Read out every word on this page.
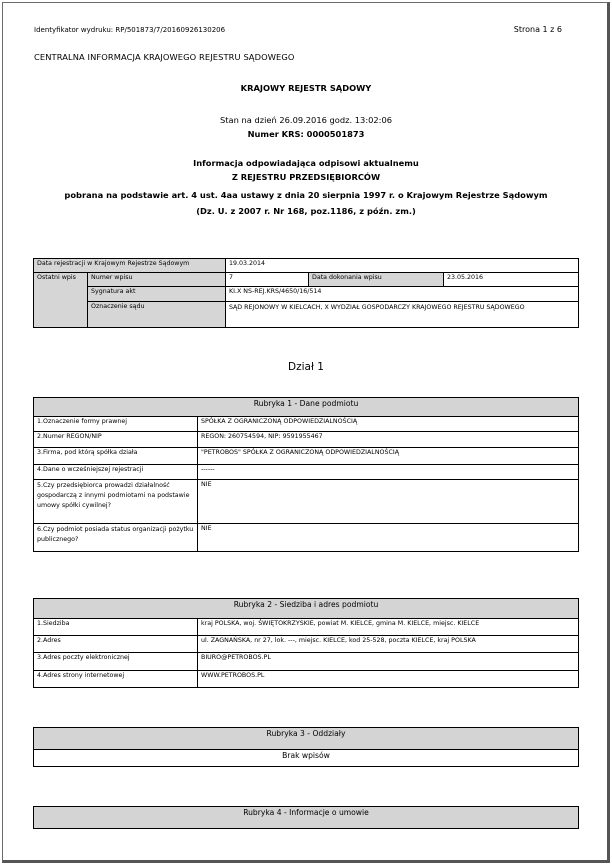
Identyfikator wydruku: RP/501873/7/20160926130206	Strona 1 z 6
CENTRALNA INFORMACJA KRAJOWEGO REJESTRU SĄDOWEGO
KRAJOWY REJESTR SĄDOWY
Stan na dzień 26.09.2016 godz. 13:02:06
Numer KRS: 0000501873
Informacja odpowiadająca odpisowi aktualnemu
Z REJESTRU PRZEDSIĘBIORCÓW
pobrana na podstawie art. 4 ust. 4aa ustawy z dnia 20 sierpnia 1997 r. o Krajowym Rejestrze Sądowym (Dz. U. z 2007 r. Nr 168, poz.1186, z późn. zm.)
Data rejestracji w Krajowym Rejestrze Sądowym		19.03.2014		
Ostatni wpis	Numer wpisu	7	Data dokonania wpisu	23.05.2016
	Sygnatura akt	KI.X NS-REJ.KRS/4650/16/514		
	Oznaczenie sądu	SĄD REJONOWY W KIELCACH, X WYDZIAŁ GOSPODARCZY KRAJOWEGO REJESTRU SĄDOWEGO		
Dział 1
Rubryka 1 - Dane podmiotu	
1.Oznaczenie formy prawnej	SPÓŁKA Z OGRANICZONĄ ODPOWIEDZIALNOŚCIĄ
2.Numer REGON/NIP	REGON: 260754594, NIP: 9591955467
3.Firma, pod którą spółka działa	"PETROBOS" SPÓŁKA Z OGRANICZONĄ ODPOWIEDZIALNOŚCIĄ
4.Dane o wcześniejszej rejestracji	------
5.Czy przedsiębiorca prowadzi działalność gospodarczą z innymi podmiotami na podstawie umowy spółki cywilnej?	NIE
6.Czy podmiot posiada status organizacji pożytku publicznego?	NIE
Rubryka 2 - Siedziba i adres podmiotu	
1.Siedziba	kraj POLSKA, woj. ŚWIĘTOKRZYSKIE, powiat M. KIELCE, gmina M. KIELCE, miejsc. KIELCE
2.Adres	ul. ZAGNAŃSKA, nr 27, lok. ---, miejsc. KIELCE, kod 25-528, poczta KIELCE, kraj POLSKA
3.Adres poczty elektronicznej	BIURO@PETROBOS.PL
4.Adres strony internetowej	WWW.PETROBOS.PL
Rubryka 3 - Oddziały
Brak wpisów
Rubryka 4 - Informacje o umowie
